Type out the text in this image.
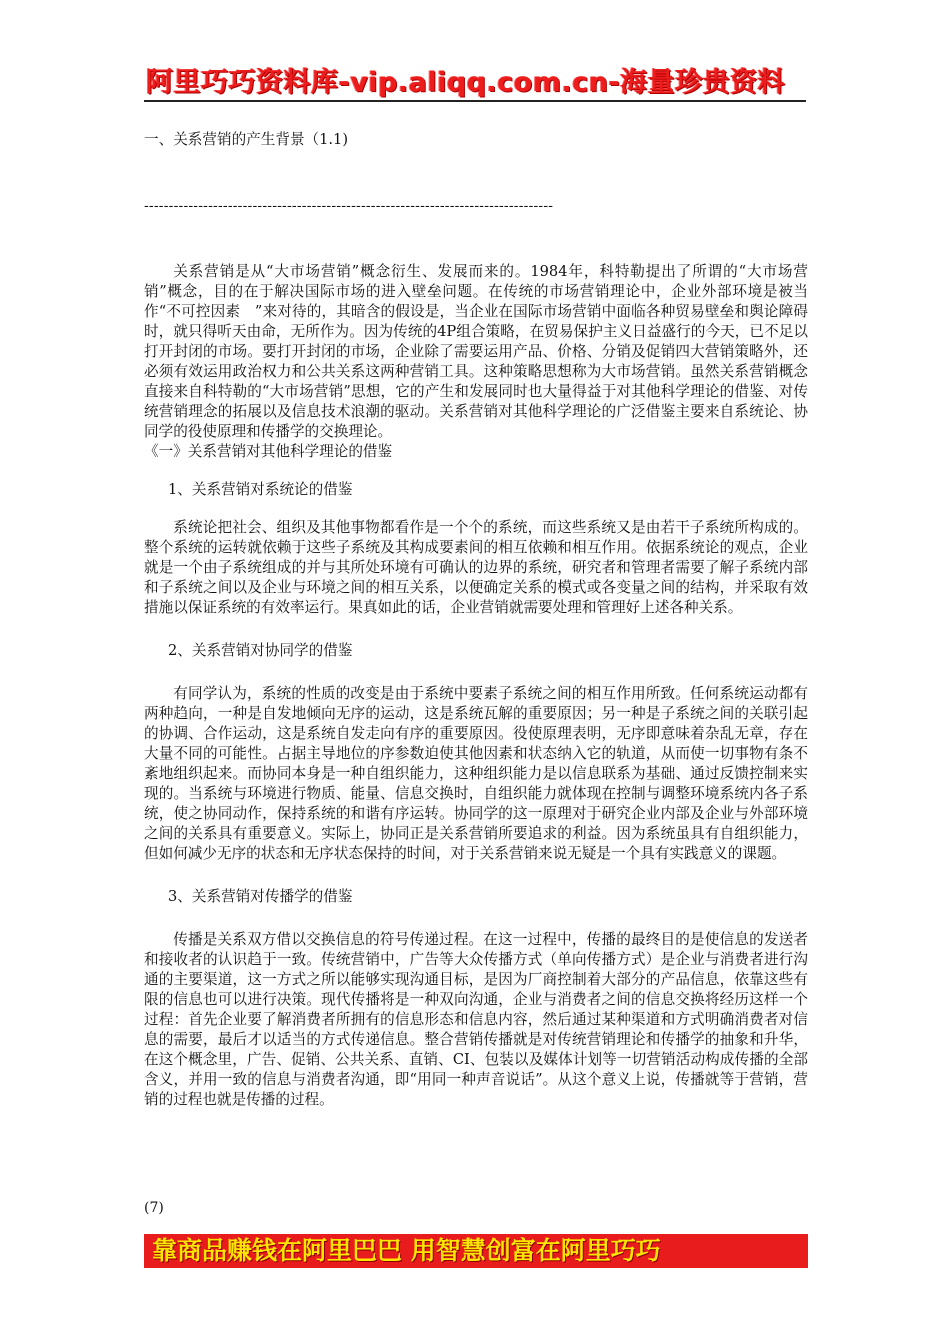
阿里巧巧资料库-vip.aliqq.com.cn-海量珍贵资料

一、关系营销的产生背景（1.1)

-----------------------------------------------------------------------------------

关系营销是从“大市场营销”概念衍生、发展而来的。1984年，科特勒提出了所谓的“大市场营销”概念，目的在于解决国际市场的进入壁垒问题。在传统的市场营销理论中，企业外部环境是被当作“不可控因素　”来对待的，其暗含的假设是，当企业在国际市场营销中面临各种贸易壁垒和舆论障碍时，就只得听天由命，无所作为。因为传统的4P组合策略，在贸易保护主义日益盛行的今天，已不足以打开封闭的市场。要打开封闭的市场，企业除了需要运用产品、价格、分销及促销四大营销策略外，还必须有效运用政治权力和公共关系这两种营销工具。这种策略思想称为大市场营销。虽然关系营销概念直接来自科特勒的“大市场营销”思想，它的产生和发展同时也大量得益于对其他科学理论的借鉴、对传统营销理念的拓展以及信息技术浪潮的驱动。关系营销对其他科学理论的广泛借鉴主要来自系统论、协同学的役使原理和传播学的交换理论。

《一》关系营销对其他科学理论的借鉴

1、关系营销对系统论的借鉴

系统论把社会、组织及其他事物都看作是一个个的系统，而这些系统又是由若干子系统所构成的。整个系统的运转就依赖于这些子系统及其构成要素间的相互依赖和相互作用。依据系统论的观点，企业就是一个由子系统组成的并与其所处环境有可确认的边界的系统，研究者和管理者需要了解子系统内部和子系统之间以及企业与环境之间的相互关系，以便确定关系的模式或各变量之间的结构，并采取有效措施以保证系统的有效率运行。果真如此的话，企业营销就需要处理和管理好上述各种关系。

2、关系营销对协同学的借鉴

有同学认为，系统的性质的改变是由于系统中要素子系统之间的相互作用所致。任何系统运动都有两种趋向，一种是自发地倾向无序的运动，这是系统瓦解的重要原因；另一种是子系统之间的关联引起的协调、合作运动，这是系统自发走向有序的重要原因。役使原理表明，无序即意味着杂乱无章，存在大量不同的可能性。占据主导地位的序参数迫使其他因素和状态纳入它的轨道，从而使一切事物有条不紊地组织起来。而协同本身是一种自组织能力，这种组织能力是以信息联系为基础、通过反馈控制来实现的。当系统与环境进行物质、能量、信息交换时，自组织能力就体现在控制与调整环境系统内各子系统，使之协同动作，保持系统的和谐有序运转。协同学的这一原理对于研究企业内部及企业与外部环境之间的关系具有重要意义。实际上，协同正是关系营销所要追求的利益。因为系统虽具有自组织能力，但如何减少无序的状态和无序状态保持的时间，对于关系营销来说无疑是一个具有实践意义的课题。

3、关系营销对传播学的借鉴

传播是关系双方借以交换信息的符号传递过程。在这一过程中，传播的最终目的是使信息的发送者和接收者的认识趋于一致。传统营销中，广告等大众传播方式（单向传播方式）是企业与消费者进行沟通的主要渠道，这一方式之所以能够实现沟通目标，是因为厂商控制着大部分的产品信息，依靠这些有限的信息也可以进行决策。现代传播将是一种双向沟通，企业与消费者之间的信息交换将经历这样一个过程：首先企业要了解消费者所拥有的信息形态和信息内容，然后通过某种渠道和方式明确消费者对信息的需要，最后才以适当的方式传递信息。整合营销传播就是对传统营销理论和传播学的抽象和升华，在这个概念里，广告、促销、公共关系、直销、CI、包装以及媒体计划等一切营销活动构成传播的全部含义，并用一致的信息与消费者沟通，即“用同一种声音说话”。从这个意义上说，传播就等于营销，营销的过程也就是传播的过程。

(7)
靠商品赚钱在阿里巴巴 用智慧创富在阿里巧巧
